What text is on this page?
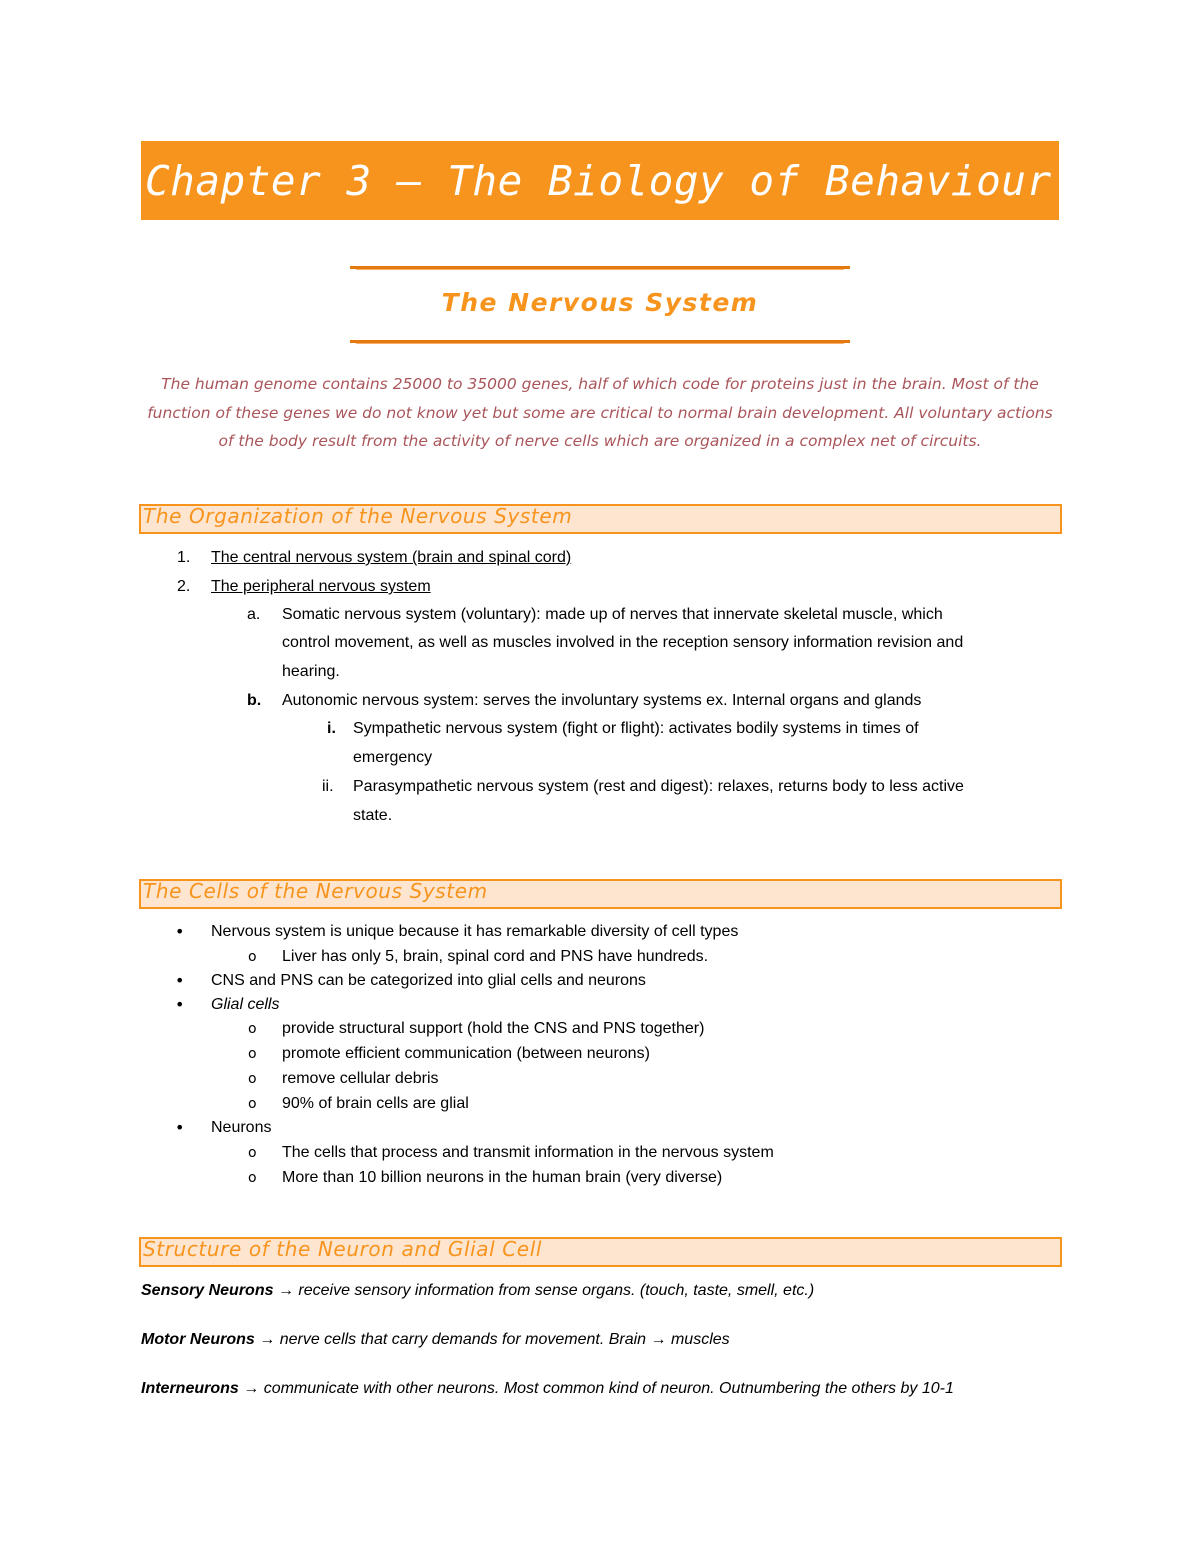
Chapter 3 – The Biology of Behaviour
The Nervous System
The human genome contains 25000 to 35000 genes, half of which code for proteins just in the brain. Most of the function of these genes we do not know yet but some are critical to normal brain development. All voluntary actions of the body result from the activity of nerve cells which are organized in a complex net of circuits.
The Organization of the Nervous System
1. The central nervous system (brain and spinal cord)
2. The peripheral nervous system
a. Somatic nervous system (voluntary): made up of nerves that innervate skeletal muscle, which
control movement, as well as muscles involved in the reception sensory information revision and
hearing.
b. Autonomic nervous system: serves the involuntary systems ex. Internal organs and glands
i. Sympathetic nervous system (fight or flight): activates bodily systems in times of
emergency
ii. Parasympathetic nervous system (rest and digest): relaxes, returns body to less active
state.
The Cells of the Nervous System
• Nervous system is unique because it has remarkable diversity of cell types
o Liver has only 5, brain, spinal cord and PNS have hundreds.
• CNS and PNS can be categorized into glial cells and neurons
• Glial cells
o provide structural support (hold the CNS and PNS together)
o promote efficient communication (between neurons)
o remove cellular debris
o 90% of brain cells are glial
• Neurons
o The cells that process and transmit information in the nervous system
o More than 10 billion neurons in the human brain (very diverse)
Structure of the Neuron and Glial Cell
Sensory Neurons → receive sensory information from sense organs. (touch, taste, smell, etc.)
Motor Neurons → nerve cells that carry demands for movement. Brain → muscles
Interneurons → communicate with other neurons. Most common kind of neuron. Outnumbering the others by 10-1
